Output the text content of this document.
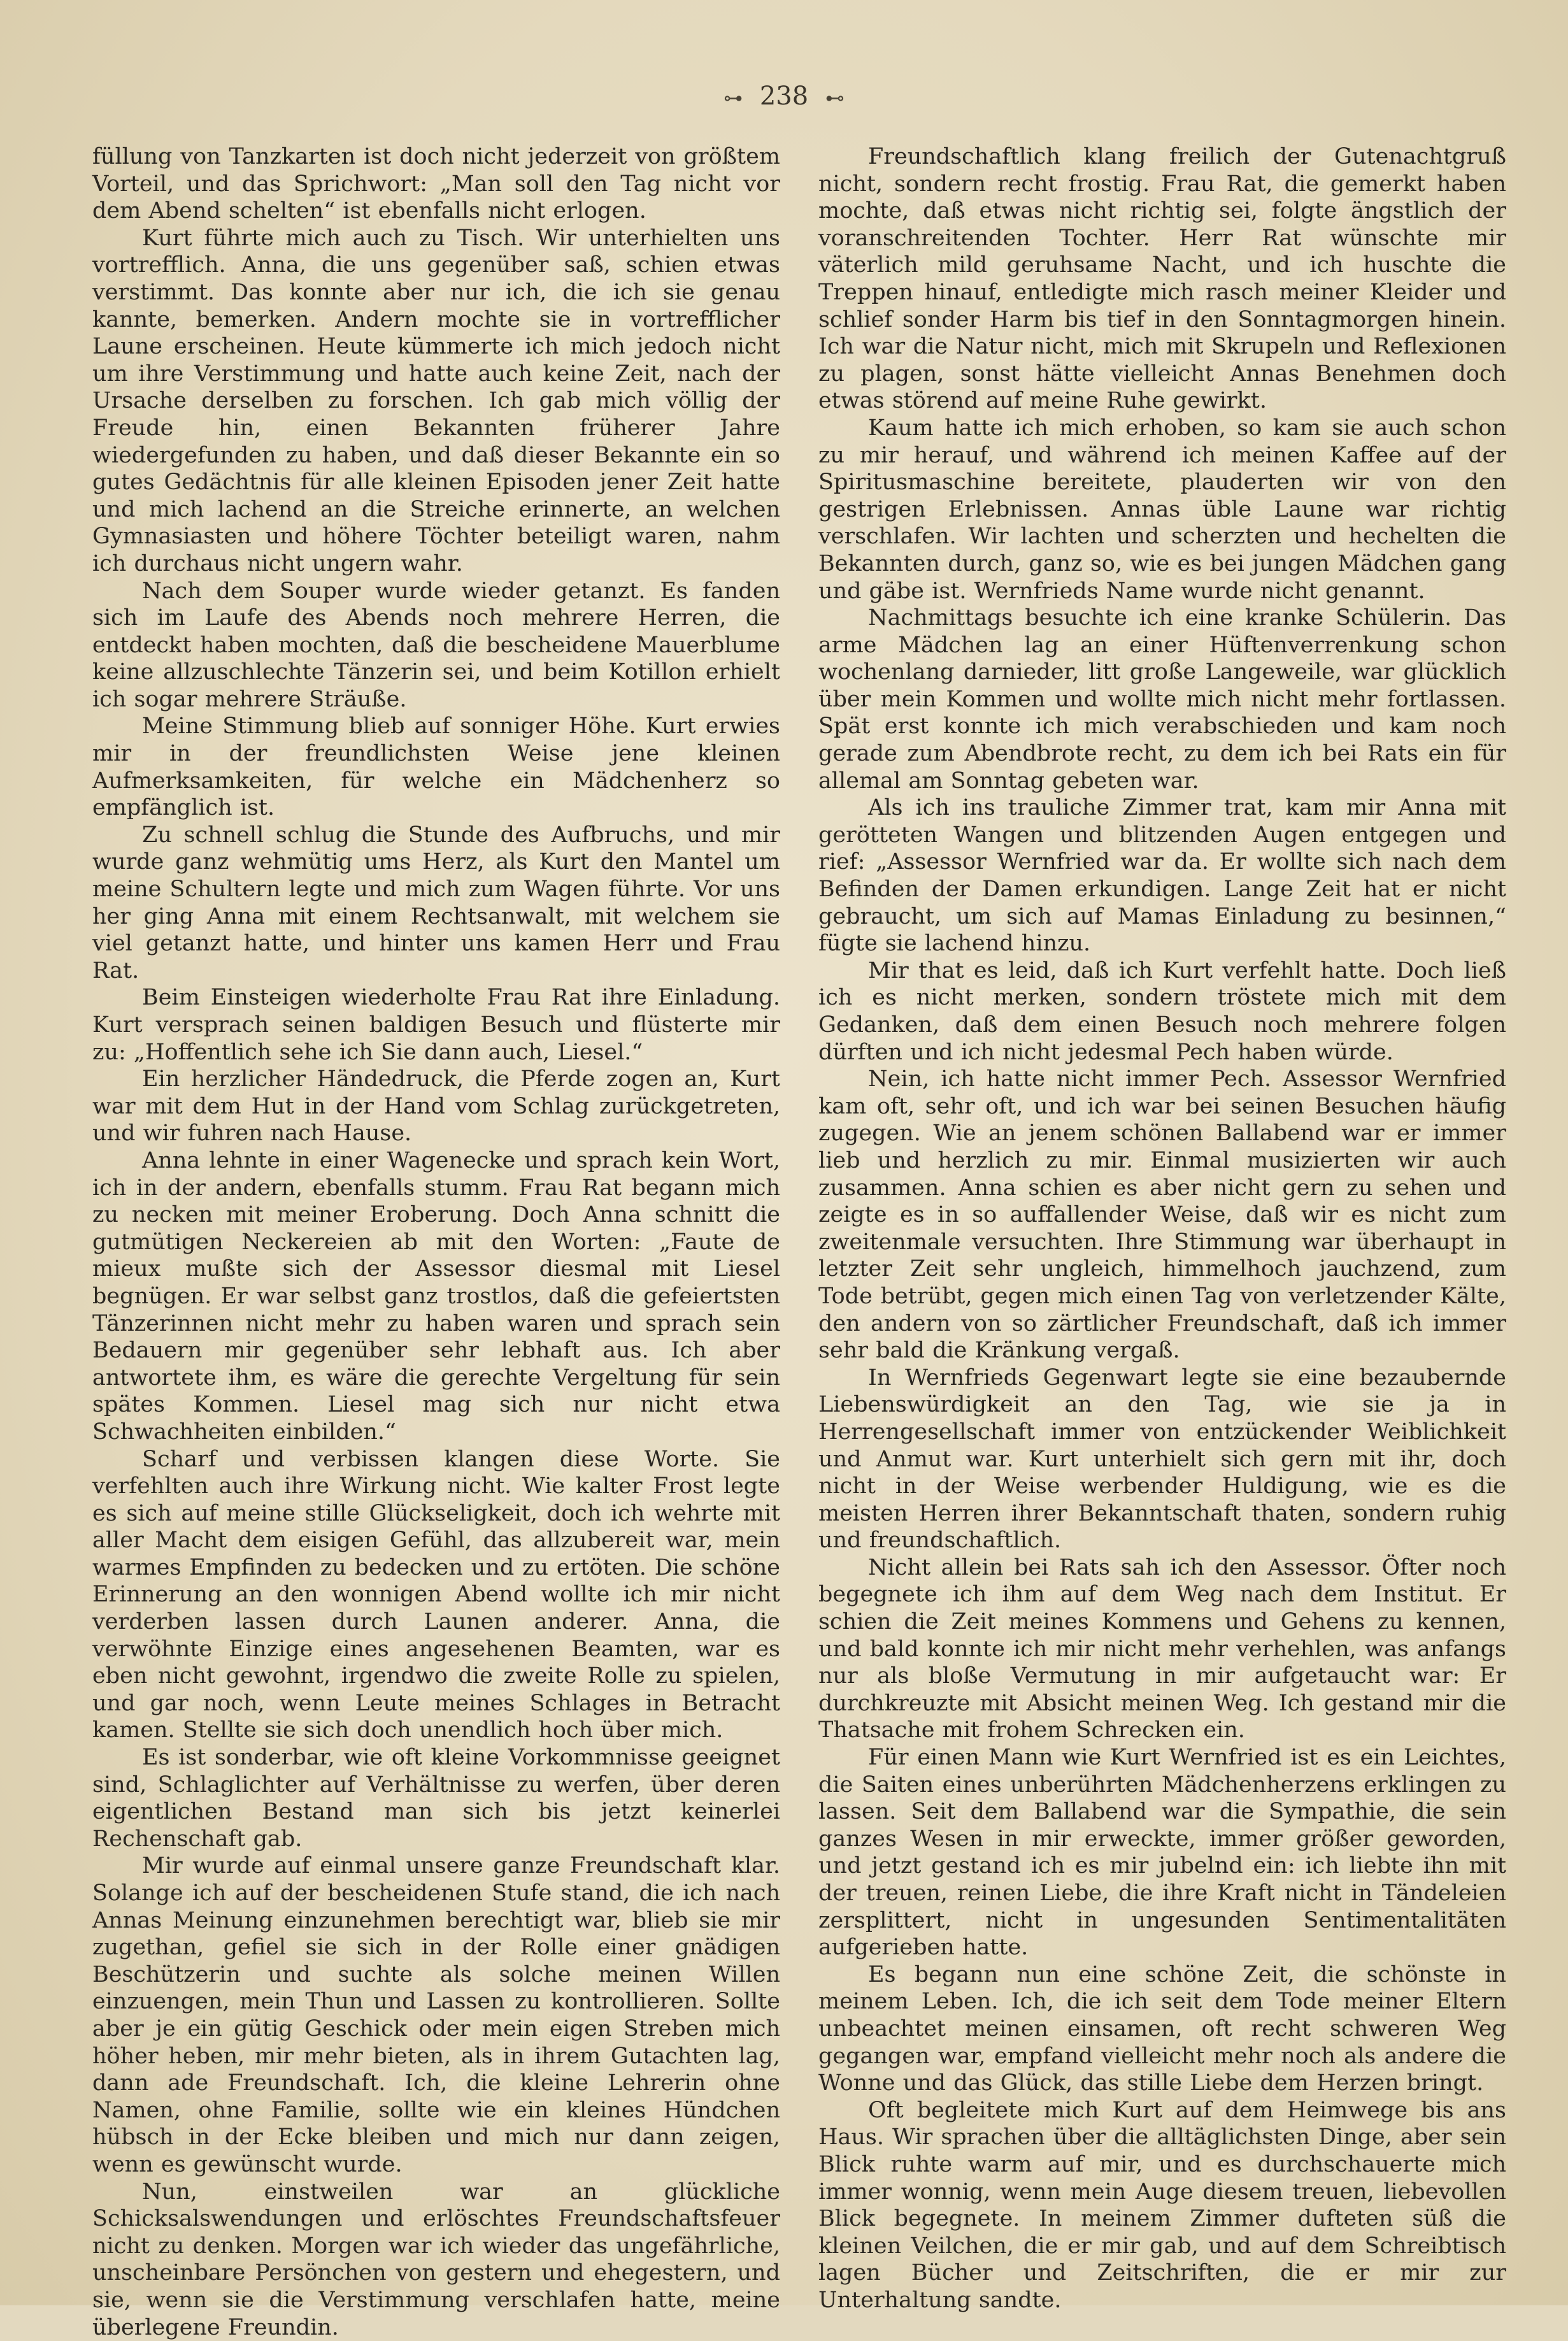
⊶ 238 ⊷

füllung von Tanzkarten ist doch nicht jederzeit von größtem Vorteil, und das Sprichwort: „Man soll den Tag nicht vor dem Abend schelten“ ist ebenfalls nicht erlogen.

Kurt führte mich auch zu Tisch. Wir unterhielten uns vortrefflich. Anna, die uns gegenüber saß, schien etwas verstimmt. Das konnte aber nur ich, die ich sie genau kannte, bemerken. Andern mochte sie in vortrefflicher Laune erscheinen. Heute kümmerte ich mich jedoch nicht um ihre Verstimmung und hatte auch keine Zeit, nach der Ursache derselben zu forschen. Ich gab mich völlig der Freude hin, einen Bekannten früherer Jahre wiedergefunden zu haben, und daß dieser Bekannte ein so gutes Gedächtnis für alle kleinen Episoden jener Zeit hatte und mich lachend an die Streiche erinnerte, an welchen Gymnasiasten und höhere Töchter beteiligt waren, nahm ich durchaus nicht ungern wahr.

Nach dem Souper wurde wieder getanzt. Es fanden sich im Laufe des Abends noch mehrere Herren, die entdeckt haben mochten, daß die bescheidene Mauerblume keine allzuschlechte Tänzerin sei, und beim Kotillon erhielt ich sogar mehrere Sträuße.

Meine Stimmung blieb auf sonniger Höhe. Kurt erwies mir in der freundlichsten Weise jene kleinen Aufmerksamkeiten, für welche ein Mädchenherz so empfänglich ist.

Zu schnell schlug die Stunde des Aufbruchs, und mir wurde ganz wehmütig ums Herz, als Kurt den Mantel um meine Schultern legte und mich zum Wagen führte. Vor uns her ging Anna mit einem Rechtsanwalt, mit welchem sie viel getanzt hatte, und hinter uns kamen Herr und Frau Rat.

Beim Einsteigen wiederholte Frau Rat ihre Einladung. Kurt versprach seinen baldigen Besuch und flüsterte mir zu: „Hoffentlich sehe ich Sie dann auch, Liesel.“

Ein herzlicher Händedruck, die Pferde zogen an, Kurt war mit dem Hut in der Hand vom Schlag zurückgetreten, und wir fuhren nach Hause.

Anna lehnte in einer Wagenecke und sprach kein Wort, ich in der andern, ebenfalls stumm. Frau Rat begann mich zu necken mit meiner Eroberung. Doch Anna schnitt die gutmütigen Neckereien ab mit den Worten: „Faute de mieux mußte sich der Assessor diesmal mit Liesel begnügen. Er war selbst ganz trostlos, daß die gefeiertsten Tänzerinnen nicht mehr zu haben waren und sprach sein Bedauern mir gegenüber sehr lebhaft aus. Ich aber antwortete ihm, es wäre die gerechte Vergeltung für sein spätes Kommen. Liesel mag sich nur nicht etwa Schwachheiten einbilden.“

Scharf und verbissen klangen diese Worte. Sie verfehlten auch ihre Wirkung nicht. Wie kalter Frost legte es sich auf meine stille Glückseligkeit, doch ich wehrte mit aller Macht dem eisigen Gefühl, das allzubereit war, mein warmes Empfinden zu bedecken und zu ertöten. Die schöne Erinnerung an den wonnigen Abend wollte ich mir nicht verderben lassen durch Launen anderer. Anna, die verwöhnte Einzige eines angesehenen Beamten, war es eben nicht gewohnt, irgendwo die zweite Rolle zu spielen, und gar noch, wenn Leute meines Schlages in Betracht kamen. Stellte sie sich doch unendlich hoch über mich.

Es ist sonderbar, wie oft kleine Vorkommnisse geeignet sind, Schlaglichter auf Verhältnisse zu werfen, über deren eigentlichen Bestand man sich bis jetzt keinerlei Rechenschaft gab.

Mir wurde auf einmal unsere ganze Freundschaft klar. Solange ich auf der bescheidenen Stufe stand, die ich nach Annas Meinung einzunehmen berechtigt war, blieb sie mir zugethan, gefiel sie sich in der Rolle einer gnädigen Beschützerin und suchte als solche meinen Willen einzuengen, mein Thun und Lassen zu kontrollieren. Sollte aber je ein gütig Geschick oder mein eigen Streben mich höher heben, mir mehr bieten, als in ihrem Gutachten lag, dann ade Freundschaft. Ich, die kleine Lehrerin ohne Namen, ohne Familie, sollte wie ein kleines Hündchen hübsch in der Ecke bleiben und mich nur dann zeigen, wenn es gewünscht wurde.

Nun, einstweilen war an glückliche Schicksalswendungen und erlöschtes Freundschaftsfeuer nicht zu denken. Morgen war ich wieder das ungefährliche, unscheinbare Persönchen von gestern und ehegestern, und sie, wenn sie die Verstimmung verschlafen hatte, meine überlegene Freundin.

Freundschaftlich klang freilich der Gutenachtgruß nicht, sondern recht frostig. Frau Rat, die gemerkt haben mochte, daß etwas nicht richtig sei, folgte ängstlich der voranschreitenden Tochter. Herr Rat wünschte mir väterlich mild geruhsame Nacht, und ich huschte die Treppen hinauf, entledigte mich rasch meiner Kleider und schlief sonder Harm bis tief in den Sonntagmorgen hinein. Ich war die Natur nicht, mich mit Skrupeln und Reflexionen zu plagen, sonst hätte vielleicht Annas Benehmen doch etwas störend auf meine Ruhe gewirkt.

Kaum hatte ich mich erhoben, so kam sie auch schon zu mir herauf, und während ich meinen Kaffee auf der Spiritusmaschine bereitete, plauderten wir von den gestrigen Erlebnissen. Annas üble Laune war richtig verschlafen. Wir lachten und scherzten und hechelten die Bekannten durch, ganz so, wie es bei jungen Mädchen gang und gäbe ist. Wernfrieds Name wurde nicht genannt.

Nachmittags besuchte ich eine kranke Schülerin. Das arme Mädchen lag an einer Hüftenverrenkung schon wochenlang darnieder, litt große Langeweile, war glücklich über mein Kommen und wollte mich nicht mehr fortlassen. Spät erst konnte ich mich verabschieden und kam noch gerade zum Abendbrote recht, zu dem ich bei Rats ein für allemal am Sonntag gebeten war.

Als ich ins trauliche Zimmer trat, kam mir Anna mit gerötteten Wangen und blitzenden Augen entgegen und rief: „Assessor Wernfried war da. Er wollte sich nach dem Befinden der Damen erkundigen. Lange Zeit hat er nicht gebraucht, um sich auf Mamas Einladung zu besinnen,“ fügte sie lachend hinzu.

Mir that es leid, daß ich Kurt verfehlt hatte. Doch ließ ich es nicht merken, sondern tröstete mich mit dem Gedanken, daß dem einen Besuch noch mehrere folgen dürften und ich nicht jedesmal Pech haben würde.

Nein, ich hatte nicht immer Pech. Assessor Wernfried kam oft, sehr oft, und ich war bei seinen Besuchen häufig zugegen. Wie an jenem schönen Ballabend war er immer lieb und herzlich zu mir. Einmal musizierten wir auch zusammen. Anna schien es aber nicht gern zu sehen und zeigte es in so auffallender Weise, daß wir es nicht zum zweitenmale versuchten. Ihre Stimmung war überhaupt in letzter Zeit sehr ungleich, himmelhoch jauchzend, zum Tode betrübt, gegen mich einen Tag von verletzender Kälte, den andern von so zärtlicher Freundschaft, daß ich immer sehr bald die Kränkung vergaß.

In Wernfrieds Gegenwart legte sie eine bezaubernde Liebenswürdigkeit an den Tag, wie sie ja in Herrengesellschaft immer von entzückender Weiblichkeit und Anmut war. Kurt unterhielt sich gern mit ihr, doch nicht in der Weise werbender Huldigung, wie es die meisten Herren ihrer Bekanntschaft thaten, sondern ruhig und freundschaftlich.

Nicht allein bei Rats sah ich den Assessor. Öfter noch begegnete ich ihm auf dem Weg nach dem Institut. Er schien die Zeit meines Kommens und Gehens zu kennen, und bald konnte ich mir nicht mehr verhehlen, was anfangs nur als bloße Vermutung in mir aufgetaucht war: Er durchkreuzte mit Absicht meinen Weg. Ich gestand mir die Thatsache mit frohem Schrecken ein.

Für einen Mann wie Kurt Wernfried ist es ein Leichtes, die Saiten eines unberührten Mädchenherzens erklingen zu lassen. Seit dem Ballabend war die Sympathie, die sein ganzes Wesen in mir erweckte, immer größer geworden, und jetzt gestand ich es mir jubelnd ein: ich liebte ihn mit der treuen, reinen Liebe, die ihre Kraft nicht in Tändeleien zersplittert, nicht in ungesunden Sentimentalitäten aufgerieben hatte.

Es begann nun eine schöne Zeit, die schönste in meinem Leben. Ich, die ich seit dem Tode meiner Eltern unbeachtet meinen einsamen, oft recht schweren Weg gegangen war, empfand vielleicht mehr noch als andere die Wonne und das Glück, das stille Liebe dem Herzen bringt.

Oft begleitete mich Kurt auf dem Heimwege bis ans Haus. Wir sprachen über die alltäglichsten Dinge, aber sein Blick ruhte warm auf mir, und es durchschauerte mich immer wonnig, wenn mein Auge diesem treuen, liebevollen Blick begegnete. In meinem Zimmer dufteten süß die kleinen Veilchen, die er mir gab, und auf dem Schreibtisch lagen Bücher und Zeitschriften, die er mir zur Unterhaltung sandte.
